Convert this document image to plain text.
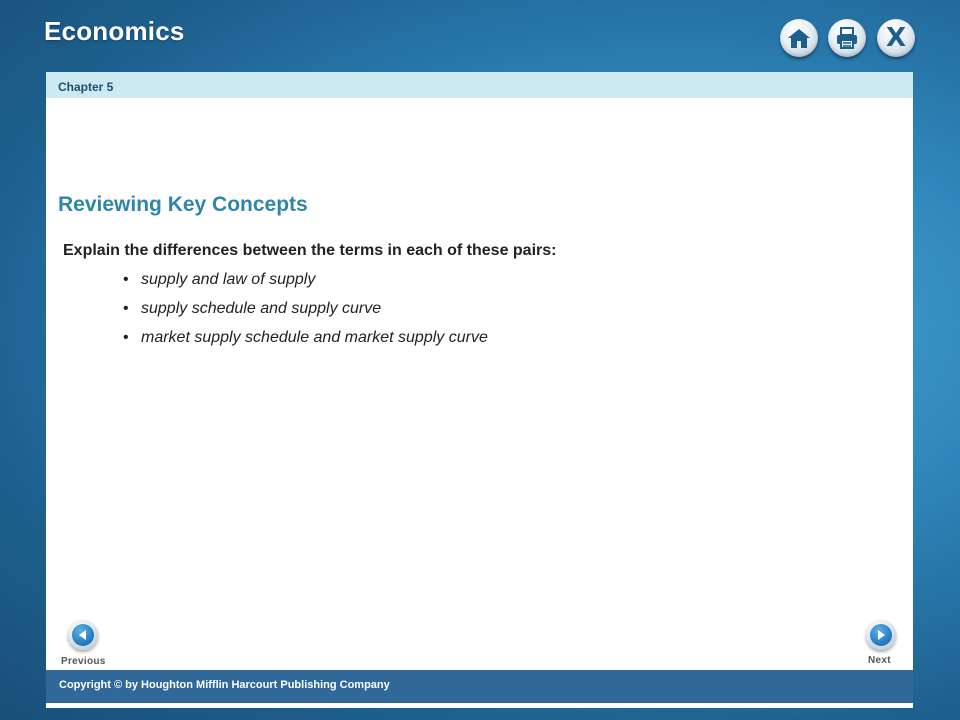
Economics	X
Chapter 5
Reviewing Key Concepts
Explain the differences between the terms in each of these pairs:
• supply and law of supply
• supply schedule and supply curve
• market supply schedule and market supply curve
Previous	Next
Copyright © by Houghton Mifflin Harcourt Publishing Company
